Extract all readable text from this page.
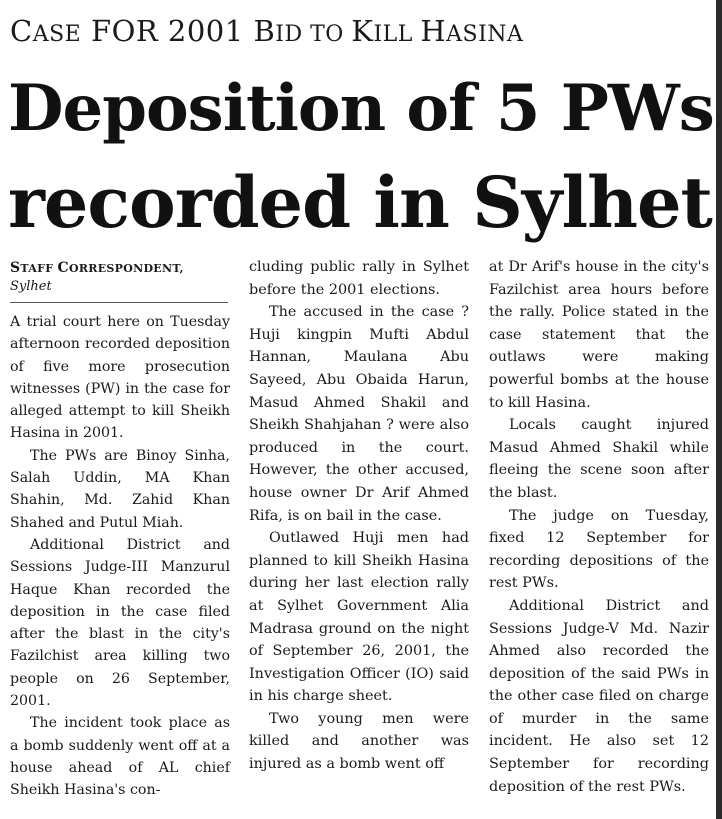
CASE FOR 2001 BID TO KILL HASINA
Deposition of 5 PWs
recorded in Sylhet
STAFF CORRESPONDENT,
Sylhet

A trial court here on Tuesday afternoon recorded deposition of five more prosecution witnesses (PW) in the case for alleged attempt to kill Sheikh Hasina in 2001.

The PWs are Binoy Sinha, Salah Uddin, MA Khan Shahin, Md. Zahid Khan Shahed and Putul Miah.

Additional District and Sessions Judge-III Manzurul Haque Khan recorded the deposition in the case filed after the blast in the city's Fazilchist area killing two people on 26 September, 2001.

The incident took place as a bomb suddenly went off at a house ahead of AL chief Sheikh Hasina's con-

cluding public rally in Sylhet before the 2001 elections.

The accused in the case ? Huji kingpin Mufti Abdul Hannan, Maulana Abu Sayeed, Abu Obaida Harun, Masud Ahmed Shakil and Sheikh Shahjahan ? were also produced in the court. However, the other accused, house owner Dr Arif Ahmed Rifa, is on bail in the case.

Outlawed Huji men had planned to kill Sheikh Hasina during her last election rally at Sylhet Government Alia Madrasa ground on the night of September 26, 2001, the Investigation Officer (IO) said in his charge sheet.

Two young men were killed and another was injured as a bomb went off

at Dr Arif's house in the city's Fazilchist area hours before the rally. Police stated in the case statement that the outlaws were making powerful bombs at the house to kill Hasina.

Locals caught injured Masud Ahmed Shakil while fleeing the scene soon after the blast.

The judge on Tuesday, fixed 12 September for recording depositions of the rest PWs.

Additional District and Sessions Judge-V Md. Nazir Ahmed also recorded the deposition of the said PWs in the other case filed on charge of murder in the same incident. He also set 12 September for recording deposition of the rest PWs.
